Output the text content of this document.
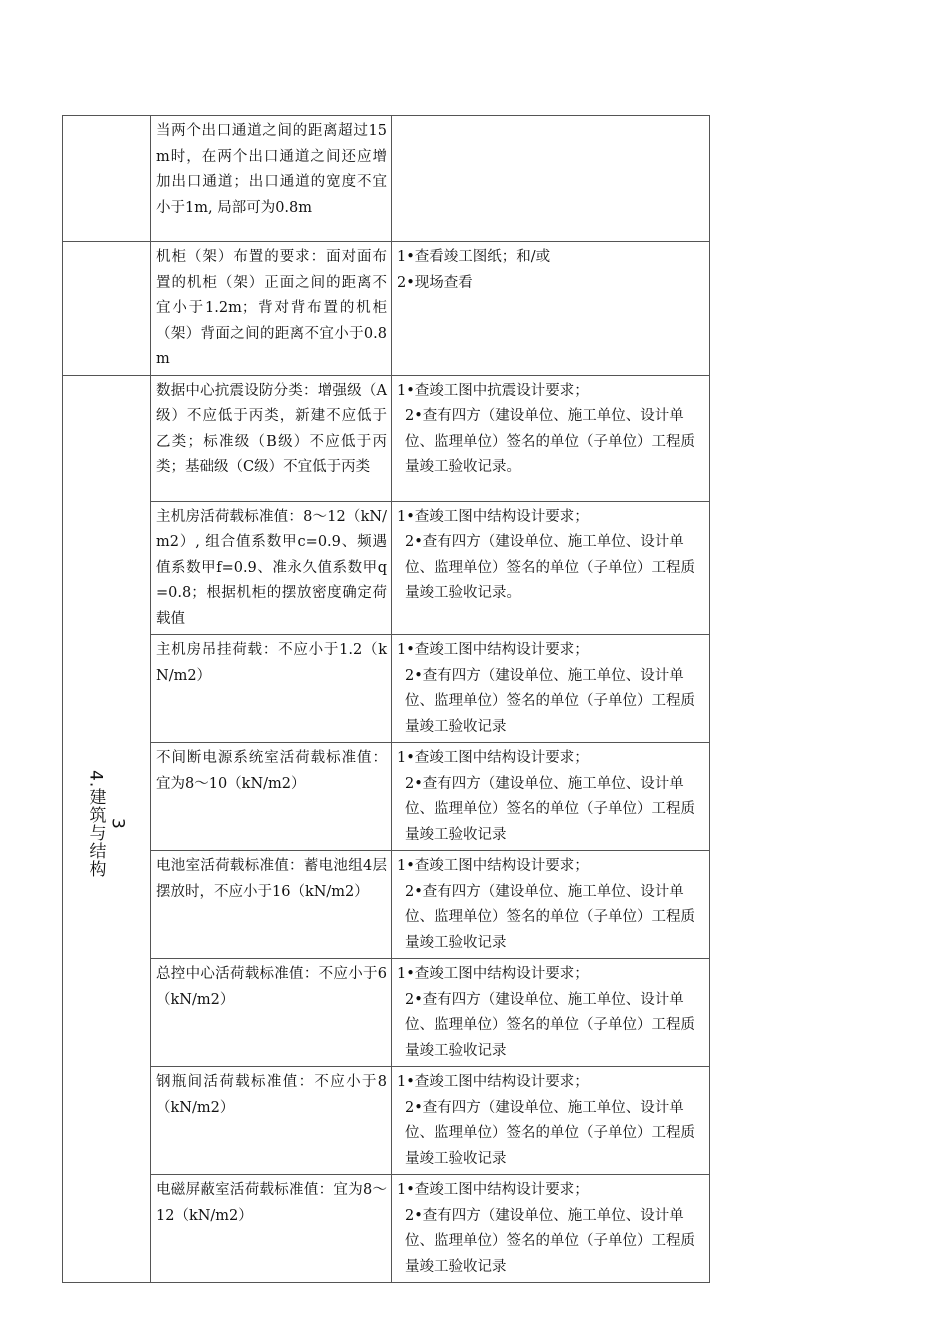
	当两个出口通道之间的距离超过15m时，在两个出口通道之间还应增加出口通道；出口通道的宽度不宜小于1m, 局部可为0.8m	
	机柜（架）布置的要求：面对面布置的机柜（架）正面之间的距离不宜小于1.2m；背对背布置的机柜（架）背面之间的距离不宜小于0.8m	1•查看竣工图纸；和/或
2•现场查看

3
4.建筑与结构	数据中心抗震设防分类：增强级（A级）不应低于丙类，新建不应低于乙类；标准级（B级）不应低于丙类；基础级（C级）不宜低于丙类	1•查竣工图中抗震设计要求；
2•查有四方（建设单位、施工单位、设计单位、监理单位）签名的单位（子单位）工程质量竣工验收记录。

	主机房活荷载标准值：8〜12（kN/m2）, 组合值系数甲c=0.9、频遇值系数甲f=0.9、准永久值系数甲q=0.8；根据机柜的摆放密度确定荷载值	1•查竣工图中结构设计要求；
2•查有四方（建设单位、施工单位、设计单位、监理单位）签名的单位（子单位）工程质量竣工验收记录。

	主机房吊挂荷载：不应小于1.2（kN/m2）	1•查竣工图中结构设计要求；
2•查有四方（建设单位、施工单位、设计单位、监理单位）签名的单位（子单位）工程质量竣工验收记录

	不间断电源系统室活荷载标准值：宜为8〜10（kN/m2）	1•查竣工图中结构设计要求；
2•查有四方（建设单位、施工单位、设计单位、监理单位）签名的单位（子单位）工程质量竣工验收记录

	电池室活荷载标准值：蓄电池组4层摆放时，不应小于16（kN/m2）	1•查竣工图中结构设计要求；
2•查有四方（建设单位、施工单位、设计单位、监理单位）签名的单位（子单位）工程质量竣工验收记录

	总控中心活荷载标准值：不应小于6（kN/m2）	1•查竣工图中结构设计要求；
2•查有四方（建设单位、施工单位、设计单位、监理单位）签名的单位（子单位）工程质量竣工验收记录

	钢瓶间活荷载标准值：不应小于8（kN/m2）	1•查竣工图中结构设计要求；
2•查有四方（建设单位、施工单位、设计单位、监理单位）签名的单位（子单位）工程质量竣工验收记录

	电磁屏蔽室活荷载标准值：宜为8〜12（kN/m2）	1•查竣工图中结构设计要求；
2•查有四方（建设单位、施工单位、设计单位、监理单位）签名的单位（子单位）工程质量竣工验收记录
